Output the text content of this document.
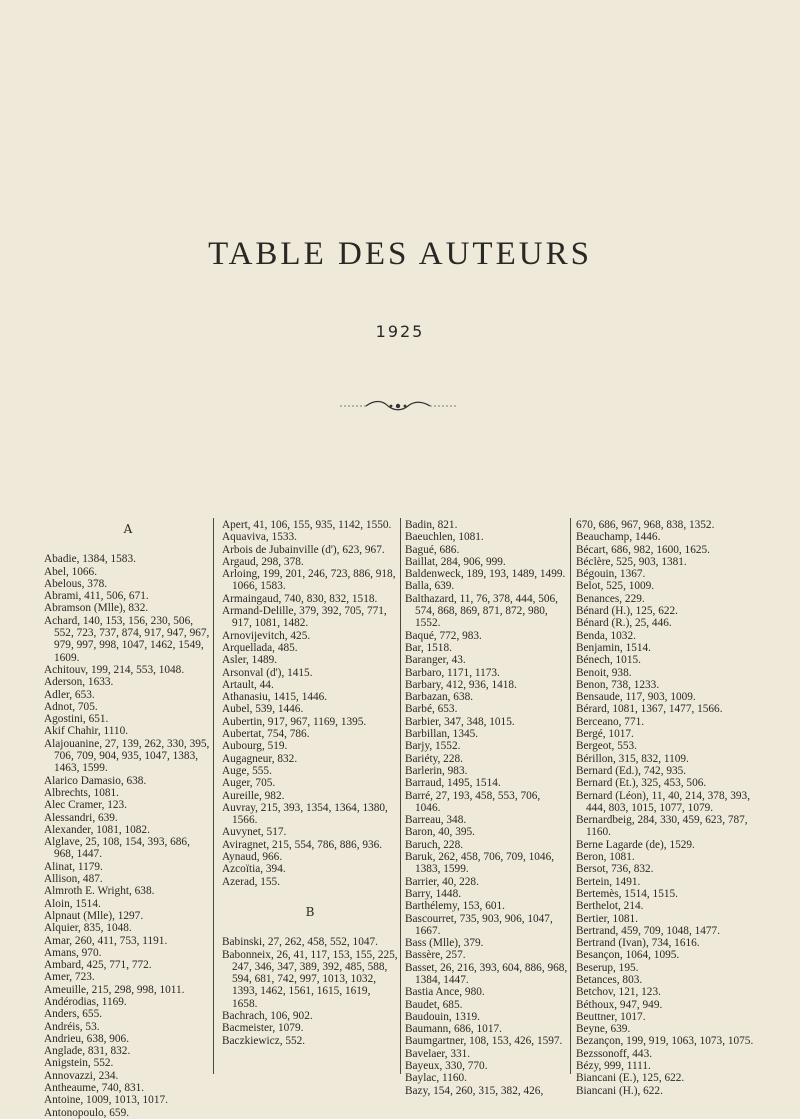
TABLE DES AUTEURS
1925
A
Abadie, 1384, 1583.
Abel, 1066.
Abelous, 378.
Abrami, 411, 506, 671.
Abramson (Mlle), 832.
Achard, 140, 153, 156, 230, 506, 552, 723, 737, 874, 917, 947, 967, 979, 997, 998, 1047, 1462, 1549, 1609.
Achitouv, 199, 214, 553, 1048.
Aderson, 1633.
Adler, 653.
Adnot, 705.
Agostini, 651.
Akif Chahir, 1110.
Alajouanine, 27, 139, 262, 330, 395, 706, 709, 904, 935, 1047, 1383, 1463, 1599.
Alarico Damasio, 638.
Albrechts, 1081.
Alec Cramer, 123.
Alessandri, 639.
Alexander, 1081, 1082.
Alglave, 25, 108, 154, 393, 686, 968, 1447.
Alinat, 1179.
Allison, 487.
Almroth E. Wright, 638.
Aloin, 1514.
Alpnaut (Mlle), 1297.
Alquier, 835, 1048.
Amar, 260, 411, 753, 1191.
Amans, 970.
Ambard, 425, 771, 772.
Amer, 723.
Ameuille, 215, 298, 998, 1011.
Andérodias, 1169.
Anders, 655.
Andréis, 53.
Andrieu, 638, 906.
Anglade, 831, 832.
Anigstein, 552.
Annovazzi, 234.
Antheaume, 740, 831.
Antoine, 1009, 1013, 1017.
Antonopoulo, 659.
Apert, 41, 106, 155, 935, 1142, 1550.
Aquaviva, 1533.
Arbois de Jubainville (d'), 623, 967.
Argaud, 298, 378.
Arloing, 199, 201, 246, 723, 886, 918, 1066, 1583.
Armaingaud, 740, 830, 832, 1518.
Armand-Delille, 379, 392, 705, 771, 917, 1081, 1482.
Arnovijevitch, 425.
Arquellada, 485.
Asler, 1489.
Arsonval (d'), 1415.
Artault, 44.
Athanasiu, 1415, 1446.
Aubel, 539, 1446.
Aubertin, 917, 967, 1169, 1395.
Aubertat, 754, 786.
Aubourg, 519.
Augagneur, 832.
Auge, 555.
Auger, 705.
Aureille, 982.
Auvray, 215, 393, 1354, 1364, 1380, 1566.
Auvynet, 517.
Aviragnet, 215, 554, 786, 886, 936.
Aynaud, 966.
Azcoïtia, 394.
Azerad, 155.
B
Babinski, 27, 262, 458, 552, 1047.
Babonneix, 26, 41, 117, 153, 155, 225, 247, 346, 347, 389, 392, 485, 588, 594, 681, 742, 997, 1013, 1032, 1393, 1462, 1561, 1615, 1619, 1658.
Bachrach, 106, 902.
Bacmeister, 1079.
Baczkiewicz, 552.
Badin, 821.
Baeuchlen, 1081.
Bagué, 686.
Baillat, 284, 906, 999.
Baldenweck, 189, 193, 1489, 1499.
Balla, 639.
Balthazard, 11, 76, 378, 444, 506, 574, 868, 869, 871, 872, 980, 1552.
Baqué, 772, 983.
Bar, 1518.
Baranger, 43.
Barbaro, 1171, 1173.
Barbary, 412, 936, 1418.
Barbazan, 638.
Barbé, 653.
Barbier, 347, 348, 1015.
Barbillan, 1345.
Barjy, 1552.
Bariéty, 228.
Barlerin, 983.
Barraud, 1495, 1514.
Barré, 27, 193, 458, 553, 706, 1046.
Barreau, 348.
Baron, 40, 395.
Baruch, 228.
Baruk, 262, 458, 706, 709, 1046, 1383, 1599.
Barrier, 40, 228.
Barry, 1448.
Barthélemy, 153, 601.
Bascourret, 735, 903, 906, 1047, 1667.
Bass (Mlle), 379.
Bassère, 257.
Basset, 26, 216, 393, 604, 886, 968, 1384, 1447.
Bastia Ance, 980.
Baudet, 685.
Baudouin, 1319.
Baumann, 686, 1017.
Baumgartner, 108, 153, 426, 1597.
Bavelaer, 331.
Bayeux, 330, 770.
Baylac, 1160.
Bazy, 154, 260, 315, 382, 426,
670, 686, 967, 968, 838, 1352.
Beauchamp, 1446.
Bécart, 686, 982, 1600, 1625.
Béclère, 525, 903, 1381.
Bégouin, 1367.
Belot, 525, 1009.
Benances, 229.
Bénard (H.), 125, 622.
Bénard (R.), 25, 446.
Benda, 1032.
Benjamin, 1514.
Bénech, 1015.
Benoit, 938.
Benon, 738, 1233.
Bensaude, 117, 903, 1009.
Bérard, 1081, 1367, 1477, 1566.
Berceano, 771.
Bergé, 1017.
Bergeot, 553.
Bérillon, 315, 832, 1109.
Bernard (Ed.), 742, 935.
Bernard (Et.), 325, 453, 506.
Bernard (Léon), 11, 40, 214, 378, 393, 444, 803, 1015, 1077, 1079.
Bernardbeig, 284, 330, 459, 623, 787, 1160.
Berne Lagarde (de), 1529.
Beron, 1081.
Bersot, 736, 832.
Bertein, 1491.
Bertemès, 1514, 1515.
Berthelot, 214.
Bertier, 1081.
Bertrand, 459, 709, 1048, 1477.
Bertrand (Ivan), 734, 1616.
Besançon, 1064, 1095.
Beserup, 195.
Betances, 803.
Betchov, 121, 123.
Béthoux, 947, 949.
Beuttner, 1017.
Beyne, 639.
Bezançon, 199, 919, 1063, 1073, 1075.
Bezssonoff, 443.
Bézy, 999, 1111.
Biancani (E.), 125, 622.
Biancani (H.), 622.
